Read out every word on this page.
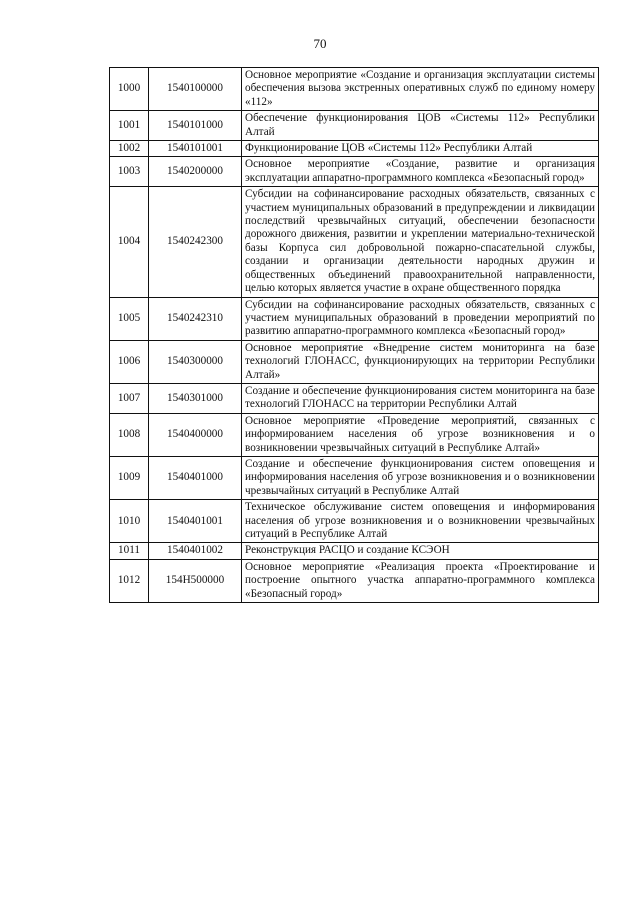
70
1000	1540100000	Основное мероприятие «Создание и организация эксплуатации системы обеспечения вызова экстренных оперативных служб по единому номеру «112»
1001	1540101000	Обеспечение функционирования ЦОВ «Системы 112» Республики Алтай
1002	1540101001	Функционирование ЦОВ «Системы 112» Республики Алтай
1003	1540200000	Основное мероприятие «Создание, развитие и организация эксплуатации аппаратно-программного комплекса «Безопасный город»
1004	1540242300	Субсидии на софинансирование расходных обязательств, связанных с участием муниципальных образований в предупреждении и ликвидации последствий чрезвычайных ситуаций, обеспечении безопасности дорожного движения, развитии и укреплении материально-технической базы Корпуса сил добровольной пожарно-спасательной службы, создании и организации деятельности народных дружин и общественных объединений правоохранительной направленности, целью которых является участие в охране общественного порядка
1005	1540242310	Субсидии на софинансирование расходных обязательств, связанных с участием муниципальных образований в проведении мероприятий по развитию аппаратно-программного комплекса «Безопасный город»
1006	1540300000	Основное мероприятие «Внедрение систем мониторинга на базе технологий ГЛОНАСС, функционирующих на территории Республики Алтай»
1007	1540301000	Создание и обеспечение функционирования систем мониторинга на базе технологий ГЛОНАСС на территории Республики Алтай
1008	1540400000	Основное мероприятие «Проведение мероприятий, связанных с информированием населения об угрозе возникновения и о возникновении чрезвычайных ситуаций в Республике Алтай»
1009	1540401000	Создание и обеспечение функционирования систем оповещения и информирования населения об угрозе возникновения и о возникновении чрезвычайных ситуаций в Республике Алтай
1010	1540401001	Техническое обслуживание систем оповещения и информирования населения об угрозе возникновения и о возникновении чрезвычайных ситуаций в Республике Алтай
1011	1540401002	Реконструкция РАСЦО и создание КСЭОН
1012	154Н500000	Основное мероприятие «Реализация проекта «Проектирование и построение опытного участка аппаратно-программного комплекса «Безопасный город»
